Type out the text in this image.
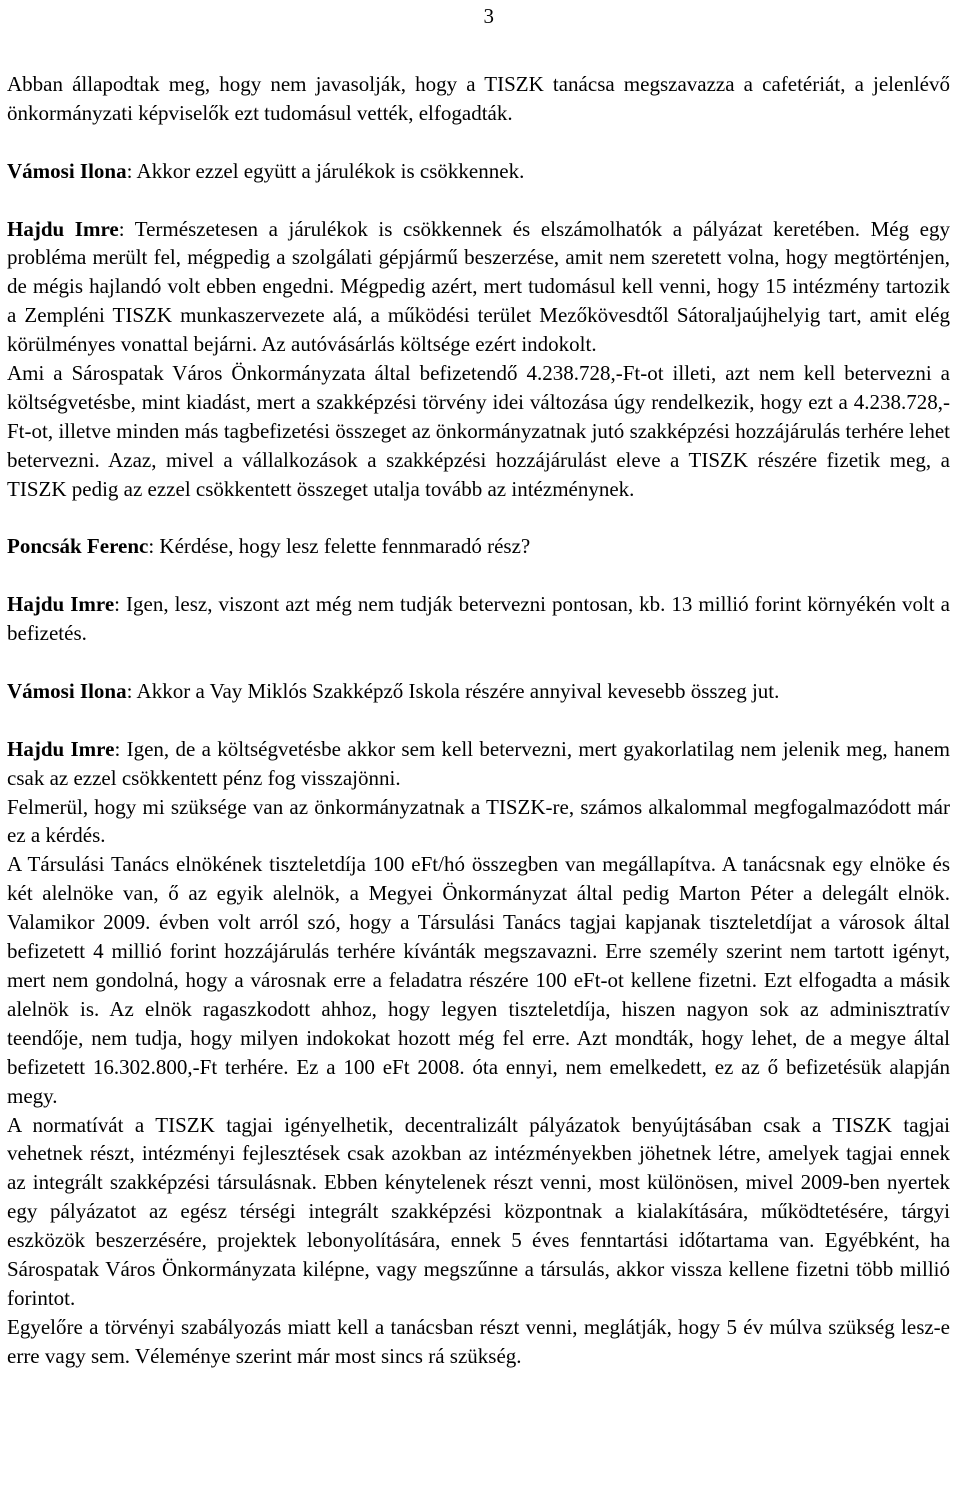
3

Abban állapodtak meg, hogy nem javasolják, hogy a TISZK tanácsa megszavazza a cafetériát, a jelenlévő önkormányzati képviselők ezt tudomásul vették, elfogadták.

Vámosi Ilona: Akkor ezzel együtt a járulékok is csökkennek.

Hajdu Imre: Természetesen a járulékok is csökkennek és elszámolhatók a pályázat keretében. Még egy probléma merült fel, mégpedig a szolgálati gépjármű beszerzése, amit nem szeretett volna, hogy megtörténjen, de mégis hajlandó volt ebben engedni. Mégpedig azért, mert tudomásul kell venni, hogy 15 intézmény tartozik a Zempléni TISZK munkaszervezete alá, a működési terület Mezőkövesdtől Sátoraljaújhelyig tart, amit elég körülményes vonattal bejárni. Az autóvásárlás költsége ezért indokolt.

Ami a Sárospatak Város Önkormányzata által befizetendő 4.238.728,-Ft-ot illeti, azt nem kell betervezni a költségvetésbe, mint kiadást, mert a szakképzési törvény idei változása úgy rendelkezik, hogy ezt a 4.238.728,-Ft-ot, illetve minden más tagbefizetési összeget az önkormányzatnak jutó szakképzési hozzájárulás terhére lehet betervezni. Azaz, mivel a vállalkozások a szakképzési hozzájárulást eleve a TISZK részére fizetik meg, a TISZK pedig az ezzel csökkentett összeget utalja tovább az intézménynek.

Poncsák Ferenc: Kérdése, hogy lesz felette fennmaradó rész?

Hajdu Imre: Igen, lesz, viszont azt még nem tudják betervezni pontosan, kb. 13 millió forint környékén volt a befizetés.

Vámosi Ilona: Akkor a Vay Miklós Szakképző Iskola részére annyival kevesebb összeg jut.

Hajdu Imre: Igen, de a költségvetésbe akkor sem kell betervezni, mert gyakorlatilag nem jelenik meg, hanem csak az ezzel csökkentett pénz fog visszajönni.

Felmerül, hogy mi szüksége van az önkormányzatnak a TISZK-re, számos alkalommal megfogalmazódott már ez a kérdés.

A Társulási Tanács elnökének tiszteletdíja 100 eFt/hó összegben van megállapítva. A tanácsnak egy elnöke és két alelnöke van, ő az egyik alelnök, a Megyei Önkormányzat által pedig Marton Péter a delegált elnök. Valamikor 2009. évben volt arról szó, hogy a Társulási Tanács tagjai kapjanak tiszteletdíjat a városok által befizetett 4 millió forint hozzájárulás terhére kívánták megszavazni. Erre személy szerint nem tartott igényt, mert nem gondolná, hogy a városnak erre a feladatra részére 100 eFt-ot kellene fizetni. Ezt elfogadta a másik alelnök is. Az elnök ragaszkodott ahhoz, hogy legyen tiszteletdíja, hiszen nagyon sok az adminisztratív teendője, nem tudja, hogy milyen indokokat hozott még fel erre. Azt mondták, hogy lehet, de a megye által befizetett 16.302.800,-Ft terhére. Ez a 100 eFt 2008. óta ennyi, nem emelkedett, ez az ő befizetésük alapján megy.

A normatívát a TISZK tagjai igényelhetik, decentralizált pályázatok benyújtásában csak a TISZK tagjai vehetnek részt, intézményi fejlesztések csak azokban az intézményekben jöhetnek létre, amelyek tagjai ennek az integrált szakképzési társulásnak. Ebben kénytelenek részt venni, most különösen, mivel 2009-ben nyertek egy pályázatot az egész térségi integrált szakképzési központnak a kialakítására, működtetésére, tárgyi eszközök beszerzésére, projektek lebonyolítására, ennek 5 éves fenntartási időtartama van. Egyébként, ha Sárospatak Város Önkormányzata kilépne, vagy megszűnne a társulás, akkor vissza kellene fizetni több millió forintot.

Egyelőre a törvényi szabályozás miatt kell a tanácsban részt venni, meglátják, hogy 5 év múlva szükség lesz-e erre vagy sem. Véleménye szerint már most sincs rá szükség.
